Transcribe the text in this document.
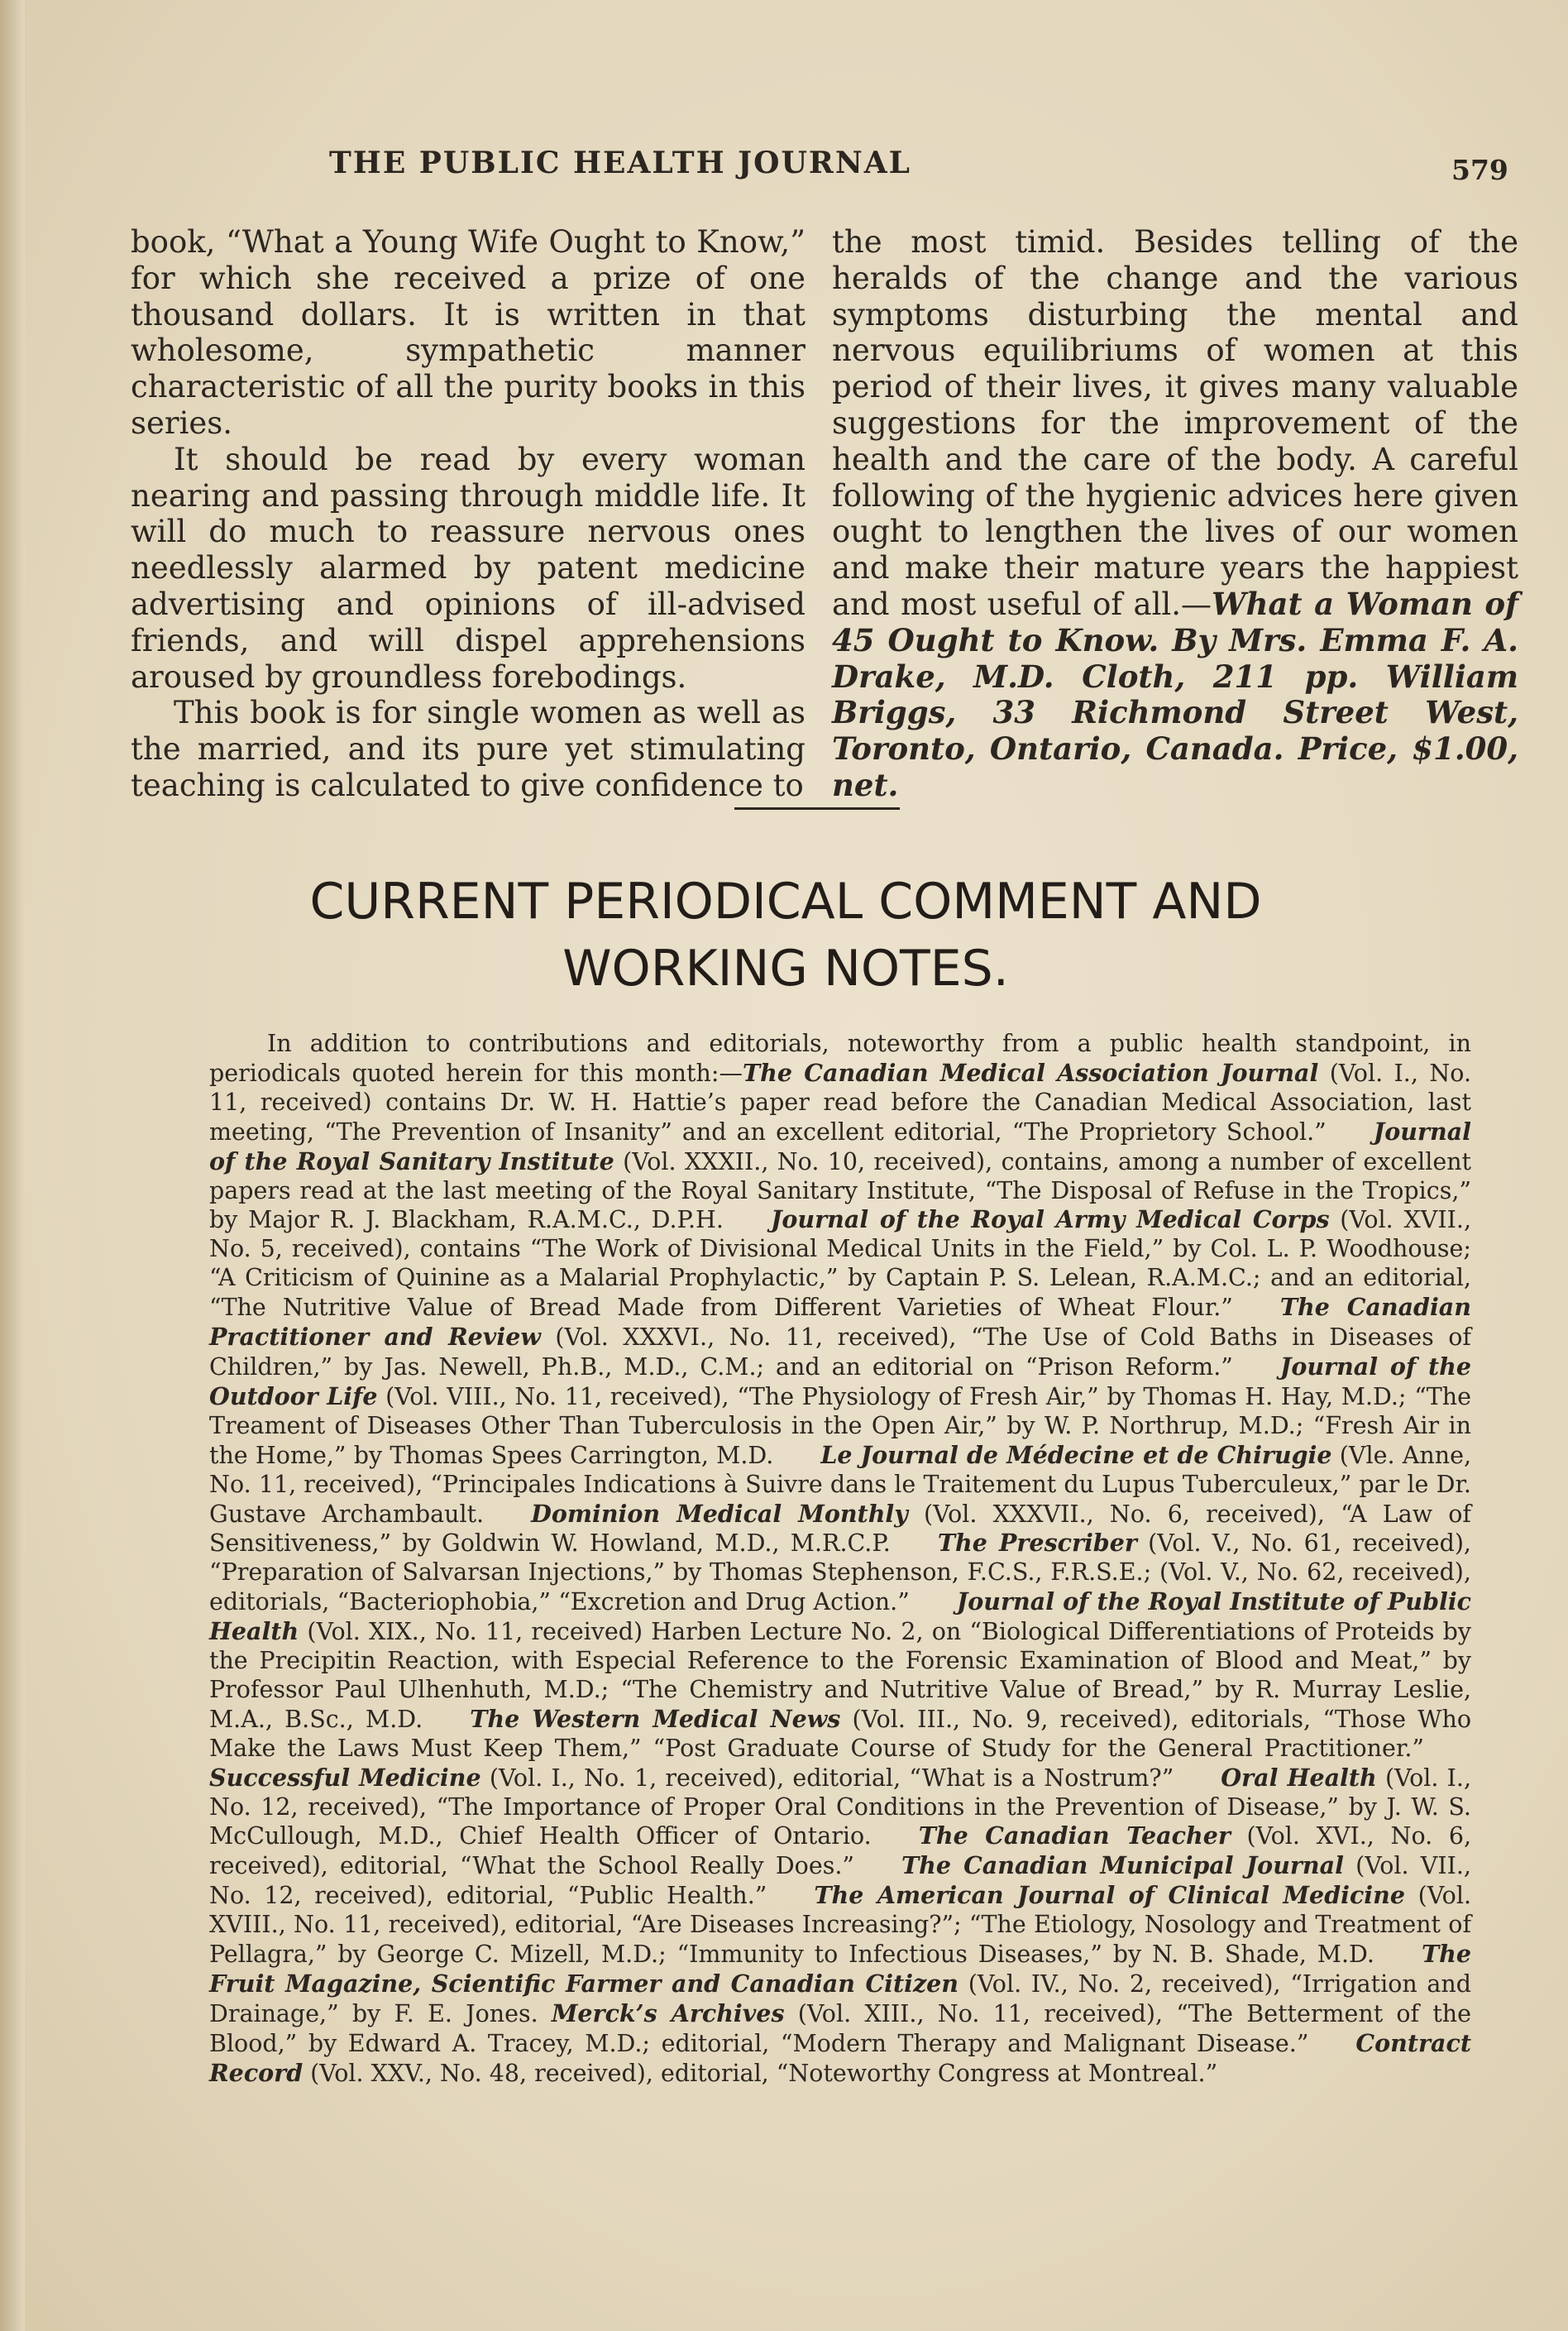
THE PUBLIC HEALTH JOURNAL	579

book, “What a Young Wife Ought to Know,” for which she received a prize of one thousand dollars. It is written in that wholesome, sympathetic manner characteristic of all the purity books in this series.

It should be read by every woman nearing and passing through middle life. It will do much to reassure nervous ones needlessly alarmed by patent medicine advertising and opinions of ill-advised friends, and will dispel apprehensions aroused by groundless forebodings.

This book is for single women as well as the married, and its pure yet stimulating teaching is calculated to give confidence to

the most timid. Besides telling of the heralds of the change and the various symptoms disturbing the mental and nervous equilibriums of women at this period of their lives, it gives many valuable suggestions for the improvement of the health and the care of the body. A careful following of the hygienic advices here given ought to lengthen the lives of our women and make their mature years the happiest and most useful of all.—What a Woman of 45 Ought to Know. By Mrs. Emma F. A. Drake, M.D. Cloth, 211 pp. William Briggs, 33 Richmond Street West, Toronto, Ontario, Canada. Price, $1.00, net.

CURRENT PERIODICAL COMMENT AND
WORKING NOTES.
In addition to contributions and editorials, noteworthy from a public health standpoint, in periodicals quoted herein for this month:—The Canadian Medical Association Journal (Vol. I., No. 11, received) contains Dr. W. H. Hattie’s paper read before the Canadian Medical Association, last meeting, “The Prevention of Insanity” and an excellent editorial, “The Proprietory School.”  Journal of the Royal Sanitary Institute (Vol. XXXII., No. 10, received), contains, among a number of excellent papers read at the last meeting of the Royal Sanitary Institute, “The Disposal of Refuse in the Tropics,” by Major R. J. Blackham, R.A.M.C., D.P.H.  Journal of the Royal Army Medical Corps (Vol. XVII., No. 5, received), contains “The Work of Divisional Medical Units in the Field,” by Col. L. P. Woodhouse; “A Criticism of Quinine as a Malarial Prophylactic,” by Captain P. S. Lelean, R.A.M.C.; and an editorial, “The Nutritive Value of Bread Made from Different Varieties of Wheat Flour.”  The Canadian Practitioner and Review (Vol. XXXVI., No. 11, received), “The Use of Cold Baths in Diseases of Children,” by Jas. Newell, Ph.B., M.D., C.M.; and an editorial on “Prison Reform.”  Journal of the Outdoor Life (Vol. VIII., No. 11, received), “The Physiology of Fresh Air,” by Thomas H. Hay, M.D.; “The Treament of Diseases Other Than Tuberculosis in the Open Air,” by W. P. Northrup, M.D.; “Fresh Air in the Home,” by Thomas Spees Carrington, M.D.  Le Journal de Médecine et de Chirugie (Vle. Anne, No. 11, received), “Principales Indications à Suivre dans le Traitement du Lupus Tuberculeux,” par le Dr. Gustave Archambault.  Dominion Medical Monthly (Vol. XXXVII., No. 6, received), “A Law of Sensitiveness,” by Goldwin W. Howland, M.D., M.R.C.P.  The Prescriber (Vol. V., No. 61, received), “Preparation of Salvarsan Injections,” by Thomas Stephenson, F.C.S., F.R.S.E.; (Vol. V., No. 62, received), editorials, “Bacteriophobia,” “Excretion and Drug Action.”  Journal of the Royal Institute of Public Health (Vol. XIX., No. 11, received) Harben Lecture No. 2, on “Biological Differentiations of Proteids by the Precipitin Reaction, with Especial Reference to the Forensic Examination of Blood and Meat,” by Professor Paul Ulhenhuth, M.D.; “The Chemistry and Nutritive Value of Bread,” by R. Murray Leslie, M.A., B.Sc., M.D.  The Western Medical News (Vol. III., No. 9, received), editorials, “Those Who Make the Laws Must Keep Them,” “Post Graduate Course of Study for the General Practitioner.”  Successful Medicine (Vol. I., No. 1, received), editorial, “What is a Nostrum?”  Oral Health (Vol. I., No. 12, received), “The Importance of Proper Oral Conditions in the Prevention of Disease,” by J. W. S. McCullough, M.D., Chief Health Officer of Ontario.  The Canadian Teacher (Vol. XVI., No. 6, received), editorial, “What the School Really Does.”  The Canadian Municipal Journal (Vol. VII., No. 12, received), editorial, “Public Health.”  The American Journal of Clinical Medicine (Vol. XVIII., No. 11, received), editorial, “Are Diseases Increasing?”; “The Etiology, Nosology and Treatment of Pellagra,” by George C. Mizell, M.D.; “Immunity to Infectious Diseases,” by N. B. Shade, M.D.  The Fruit Magazine, Scientific Farmer and Canadian Citizen (Vol. IV., No. 2, received), “Irrigation and Drainage,” by F. E. Jones. Merck’s Archives (Vol. XIII., No. 11, received), “The Betterment of the Blood,” by Edward A. Tracey, M.D.; editorial, “Modern Therapy and Malignant Disease.”  Contract Record (Vol. XXV., No. 48, received), editorial, “Noteworthy Congress at Montreal.”
